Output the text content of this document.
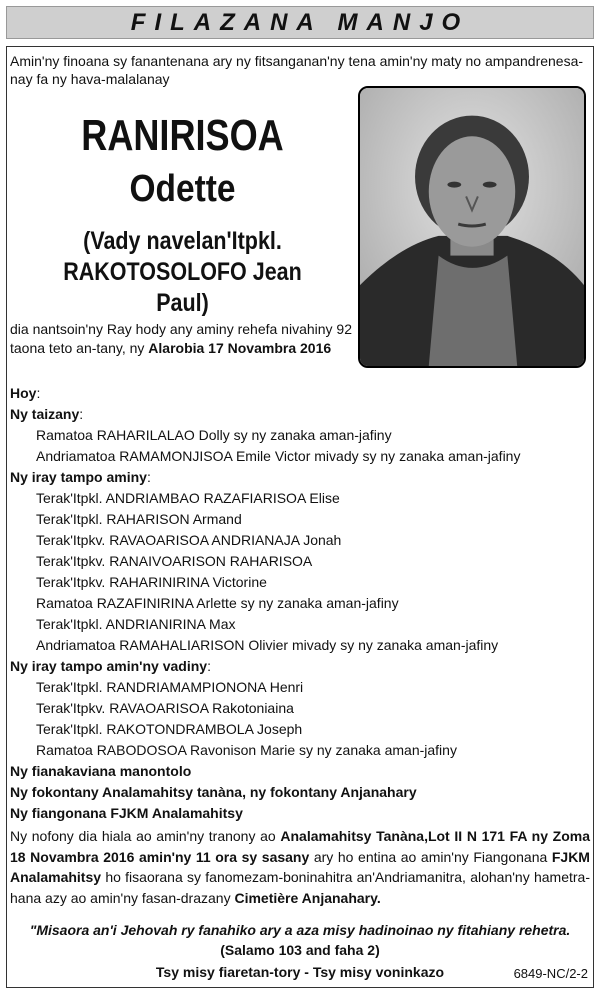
FILAZANA MANJO
Amin'ny finoana sy fanantenana ary ny fitsanganan'ny tena amin'ny maty no ampandrenesa-nay fa ny hava-malalanay
RANIRISOA
Odette
(Vady navelan'Itpkl.
RAKOTOSOLOFO Jean Paul)
dia nantsoin'ny Ray hody any aminy rehefa nivahiny 92 taona teto an-tany, ny Alarobia 17 Novambra 2016
Hoy:
Ny taizany:
Ramatoa RAHARILALAO Dolly sy ny zanaka aman-jafiny
Andriamatoa RAMAMONJISOA Emile Victor mivady sy ny zanaka aman-jafiny
Ny iray tampo aminy:
Terak'Itpkl. ANDRIAMBAO RAZAFIARISOA Elise
Terak'Itpkl. RAHARISON Armand
Terak'Itpkv. RAVAOARISOA ANDRIANAJA Jonah
Terak'Itpkv. RANAIVOARISON RAHARISOA
Terak'Itpkv. RAHARINIRINA Victorine
Ramatoa RAZAFINIRINA Arlette sy ny zanaka aman-jafiny
Terak'Itpkl. ANDRIANIRINA Max
Andriamatoa RAMAHALIARISON Olivier mivady sy ny zanaka aman-jafiny
Ny iray tampo amin'ny vadiny:
Terak'Itpkl. RANDRIAMAMPIONONA Henri
Terak'Itpkv. RAVAOARISOA Rakotoniaina
Terak'Itpkl. RAKOTONDRAMBOLA Joseph
Ramatoa RABODOSOA Ravonison Marie sy ny zanaka aman-jafiny
Ny fianakaviana manontolo
Ny fokontany Analamahitsy tanàna, ny fokontany Anjanahary
Ny fiangonana FJKM Analamahitsy
Ny nofony dia hiala ao amin'ny tranony ao Analamahitsy Tanàna,Lot II N 171 FA ny Zoma 18 Novambra 2016 amin'ny 11 ora sy sasany ary ho entina ao amin'ny Fiangonana FJKM Analamahitsy ho fisaorana sy fanomezam-boninahitra an'Andriamanitra, alohan'ny hametra-hana azy ao amin'ny fasan-drazany Cimetière Anjanahary.
"Misaora an'i Jehovah ry fanahiko ary a aza misy hadinoinao ny fitahiany rehetra.
(Salamo 103 and faha 2)
Tsy misy fiaretan-tory - Tsy misy voninkazo	6849-NC/2-2
